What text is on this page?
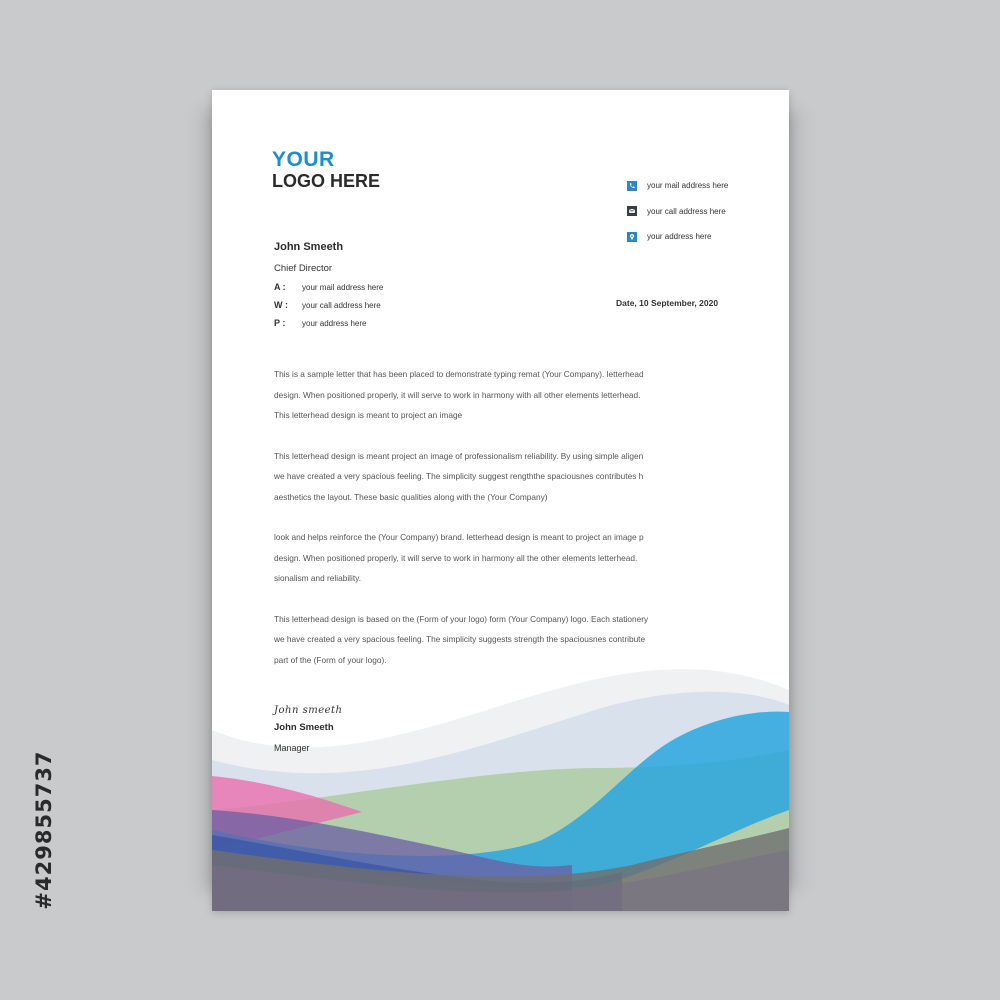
#429855737
YOUR
LOGO HERE	your mail address here
your call address here
your address here
John Smeeth
Chief Director
A :	your mail address here
W :	your call address here
P :	your address here
Date, 10 September, 2020
This is a sample letter that has been placed to demonstrate typing remat (Your Company). letterhead
design. When positioned properly, it will serve to work in harmony with all other elements letterhead.
This letterhead design is meant to project an image
This letterhead design is meant project an image of professionalism reliability. By using simple aligen
we have created a very spacious feeling. The simplicity suggest rengththe spaciousnes contributes h
aesthetics the layout. These basic qualities along with the (Your Company)
look and helps reinforce the (Your Company) brand. letterhead design is meant to project an image p
design. When positioned properly, it will serve to work in harmony all the other elements letterhead.
sionalism and reliability.
This letterhead design is based on the (Form of your logo) form (Your Company) logo. Each stationery
we have created a very spacious feeling. The simplicity suggests strength the spaciousnes contribute
part of the (Form of your logo).
John smeeth
John Smeeth
Manager
